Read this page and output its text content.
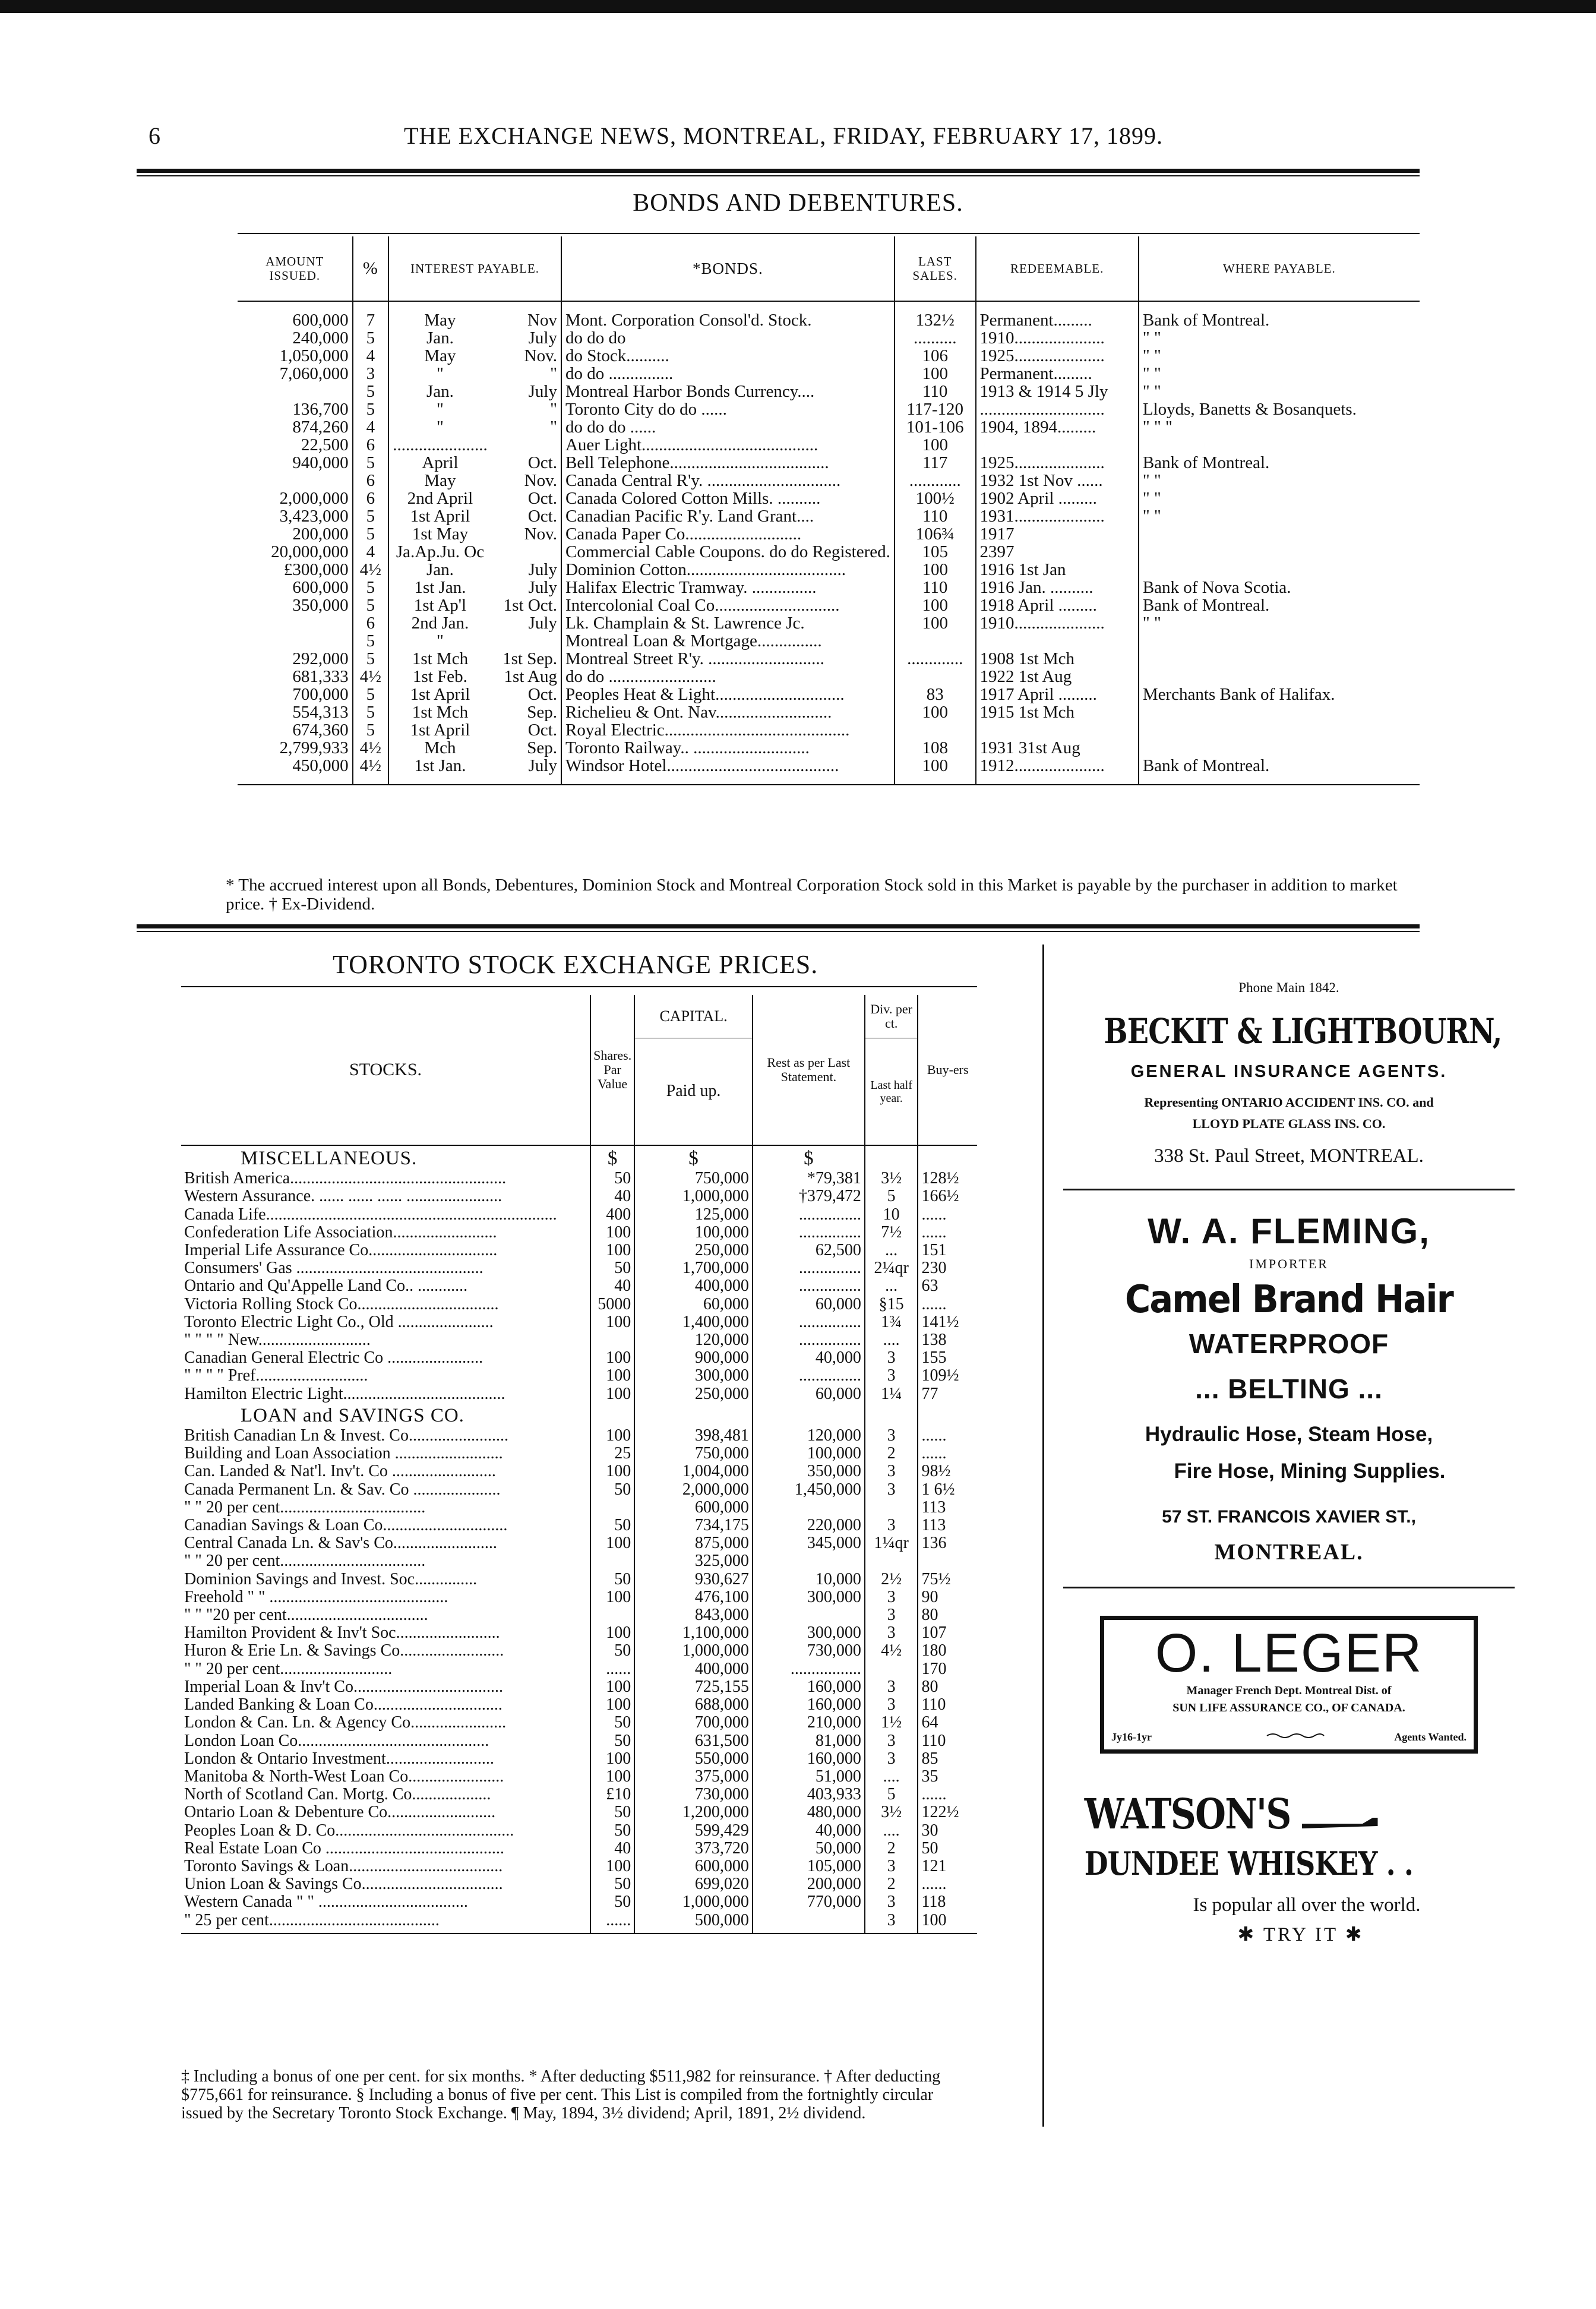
6	THE EXCHANGE NEWS, MONTREAL, FRIDAY, FEBRUARY 17, 1899.
BONDS AND DEBENTURES.
AMOUNT ISSUED.	%	INTEREST PAYABLE.		*BONDS.	LAST SALES.	REDEEMABLE.	WHERE PAYABLE.
600,000	7	May	Nov	Mont. Corporation Consol'd. Stock.	132½	Permanent.........	Bank of Montreal.
240,000	5	Jan.	July	do do do	..........	1910.....................	" "
1,050,000	4	May	Nov.	do Stock..........	106	1925.....................	" "
7,060,000	3	"	"	do do ...............	100	Permanent.........	" "
	5	Jan.	July	Montreal Harbor Bonds Currency....	110	1913 & 1914 5 Jly	" "
136,700	5	"	"	Toronto City do do ......	117-120	.............................	Lloyds, Banetts & Bosanquets.
874,260	4	"	"	do do do ......	101-106	1904, 1894.........	" " "
22,500	6	......................		Auer Light.........................................	100		
940,000	5	April	Oct.	Bell Telephone.....................................	117	1925.....................	Bank of Montreal.
	6	May	Nov.	Canada Central R'y. ...............................	............	1932 1st Nov ......	" "
2,000,000	6	2nd April	Oct.	Canada Colored Cotton Mills. ..........	100½	1902 April .........	" "
3,423,000	5	1st April	Oct.	Canadian Pacific R'y. Land Grant....	110	1931.....................	" "
200,000	5	1st May	Nov.	Canada Paper Co...........................	106¾	1917	
20,000,000	4	Ja.Ap.Ju. Oc		Commercial Cable Coupons. do do Registered.	105	2397	
£300,000	4½	Jan.	July	Dominion Cotton.....................................	100	1916 1st Jan	
600,000	5	1st Jan.	July	Halifax Electric Tramway. ...............	110	1916 Jan. ..........	Bank of Nova Scotia.
350,000	5	1st Ap'l	1st Oct.	Intercolonial Coal Co.............................	100	1918 April .........	Bank of Montreal.
	6	2nd Jan.	July	Lk. Champlain & St. Lawrence Jc.	100	1910.....................	" "
	5	"		Montreal Loan & Mortgage...............			
292,000	5	1st Mch	1st Sep.	Montreal Street R'y. ...........................	.............	1908 1st Mch	
681,333	4½	1st Feb.	1st Aug	do do .........................		1922 1st Aug	
700,000	5	1st April	Oct.	Peoples Heat & Light..............................	83	1917 April .........	Merchants Bank of Halifax.
554,313	5	1st Mch	Sep.	Richelieu & Ont. Nav...........................	100	1915 1st Mch	
674,360	5	1st April	Oct.	Royal Electric...........................................			
2,799,933	4½	Mch	Sep.	Toronto Railway.. ...........................	108	1931 31st Aug	
450,000	4½	1st Jan.	July	Windsor Hotel........................................	100	1912.....................	Bank of Montreal.
* The accrued interest upon all Bonds, Debentures, Dominion Stock and Montreal Corporation Stock sold in this Market is payable by the purchaser in addition to market price. † Ex-Dividend.
TORONTO STOCK EXCHANGE PRICES.
STOCKS.	Shares. Par Value	CAPITAL.	Rest as per Last Statement.	Div. per ct.	Buy-ers
		Paid up.		Last half year.	
MISCELLANEOUS.	$	$	$		
British America....................................................	50	750,000	*79,381	3½	128½
Western Assurance. ...... ...... ...... .......................	40	1,000,000	†379,472	5	166½
Canada Life......................................................................	400	125,000	...............	10	......
Confederation Life Association.........................	100	100,000	...............	7½	......
Imperial Life Assurance Co...............................	100	250,000	62,500	...	151
Consumers' Gas .............................................	50	1,700,000	...............	2¼qr	230
Ontario and Qu'Appelle Land Co.. ............	40	400,000	...............	...	63
Victoria Rolling Stock Co..................................	5000	60,000	60,000	§15	......
Toronto Electric Light Co., Old .......................	100	1,400,000	...............	1¾	141½
" " " " New...........................		120,000	...............	....	138
Canadian General Electric Co .......................	100	900,000	40,000	3	155
" " " " Pref...........................	100	300,000	...............	3	109½
Hamilton Electric Light.......................................	100	250,000	60,000	1¼	77
LOAN and SAVINGS CO.					
British Canadian Ln & Invest. Co........................	100	398,481	120,000	3	......
Building and Loan Association ..........................	25	750,000	100,000	2	......
Can. Landed & Nat'l. Inv't. Co .........................	100	1,004,000	350,000	3	98½
Canada Permanent Ln. & Sav. Co .....................	50	2,000,000	1,450,000	3	1 6½
" " 20 per cent...................................		600,000			113
Canadian Savings & Loan Co..............................	50	734,175	220,000	3	113
Central Canada Ln. & Sav's Co.........................	100	875,000	345,000	1¼qr	136
" " 20 per cent...................................		325,000			
Dominion Savings and Invest. Soc...............	50	930,627	10,000	2½	75½
Freehold " " ...........................................	100	476,100	300,000	3	90
" " "20 per cent..................................		843,000		3	80
Hamilton Provident & Inv't Soc.........................	100	1,100,000	300,000	3	107
Huron & Erie Ln. & Savings Co.........................	50	1,000,000	730,000	4½	180
" " 20 per cent...........................	......	400,000	.................		170
Imperial Loan & Inv't Co....................................	100	725,155	160,000	3	80
Landed Banking & Loan Co...............................	100	688,000	160,000	3	110
London & Can. Ln. & Agency Co.......................	50	700,000	210,000	1½	64
London Loan Co..............................................	50	631,500	81,000	3	110
London & Ontario Investment..........................	100	550,000	160,000	3	85
Manitoba & North-West Loan Co.......................	100	375,000	51,000	....	35
North of Scotland Can. Mortg. Co...................	£10	730,000	403,933	5	......
Ontario Loan & Debenture Co..........................	50	1,200,000	480,000	3½	122½
Peoples Loan & D. Co...........................................	50	599,429	40,000	....	30
Real Estate Loan Co ...........................................	40	373,720	50,000	2	50
Toronto Savings & Loan.....................................	100	600,000	105,000	3	121
Union Loan & Savings Co..................................	50	699,020	200,000	2	......
Western Canada " " ....................................	50	1,000,000	770,000	3	118
" 25 per cent.........................................	......	500,000		3	100
‡ Including a bonus of one per cent. for six months. * After deducting $511,982 for reinsurance. † After deducting $775,661 for reinsurance. § Including a bonus of five per cent. This List is compiled from the fortnightly circular issued by the Secretary Toronto Stock Exchange. ¶ May, 1894, 3½ dividend; April, 1891, 2½ dividend.
Phone Main 1842.
BECKIT & LIGHTBOURN,
GENERAL INSURANCE AGENTS.
Representing ONTARIO ACCIDENT INS. CO. and
LLOYD PLATE GLASS INS. CO.
338 St. Paul Street, MONTREAL.
W. A. FLEMING,
IMPORTER
Camel Brand Hair
WATERPROOF
... BELTING ...
Hydraulic Hose, Steam Hose,
Fire Hose, Mining Supplies.
57 ST. FRANCOIS XAVIER ST.,
MONTREAL.
O. LEGER
Manager French Dept. Montreal Dist. of
SUN LIFE ASSURANCE CO., OF CANADA.
Jy16-1yr	Agents Wanted.
WATSON'S
DUNDEE WHISKEY . .
Is popular all over the world.
✱ TRY IT ✱
